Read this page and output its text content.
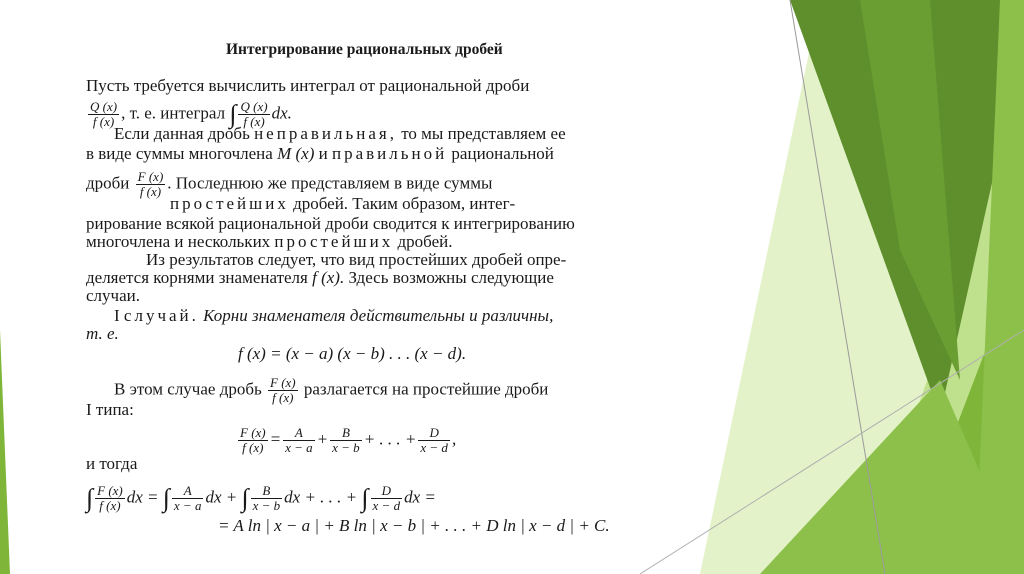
Интегрирование рациональных дробей
Пусть требуется вычислить интеграл от рациональной дроби
$\frac{Q (x)}{f (x)}$ , т. е. интеграл ∫ $\frac{Q (x)}{f (x)}$ dx.
Если данная дробь неправильная, то мы представляем ее
в виде суммы многочлена M (x) и правильной рациональной
дроби $\frac{F (x)}{f (x)}$ . Последнюю же представляем в виде суммы
простейших дробей. Таким образом, интег-
рирование всякой рациональной дроби сводится к интегрированию
многочлена и нескольких простейших дробей.
Из результатов следует, что вид простейших дробей опре-
деляется корнями знаменателя f (x). Здесь возможны следующие
случаи.
I случай. Корни знаменателя действительны и различны,
т. е.
f (x) = (x − a) (x − b) . . . (x − d).
В этом случае дробь $\frac{F (x)}{f (x)}$ разлагается на простейшие дроби
I типа:
$\frac{F (x)}{f (x)} = \frac{A}{x - a} + \frac{B}{x - b}$ + . . . + $\frac{D}{x - d}$ ,
и тогда
∫ $\frac{F (x)}{f (x)}$ dx = ∫ $\frac{A}{x - a}$ dx + ∫ $\frac{B}{x - b}$ dx + . . . + ∫ $\frac{D}{x - d}$ dx =
= A ln | x − a | + B ln | x − b | + . . . + D ln | x − d | + C.
